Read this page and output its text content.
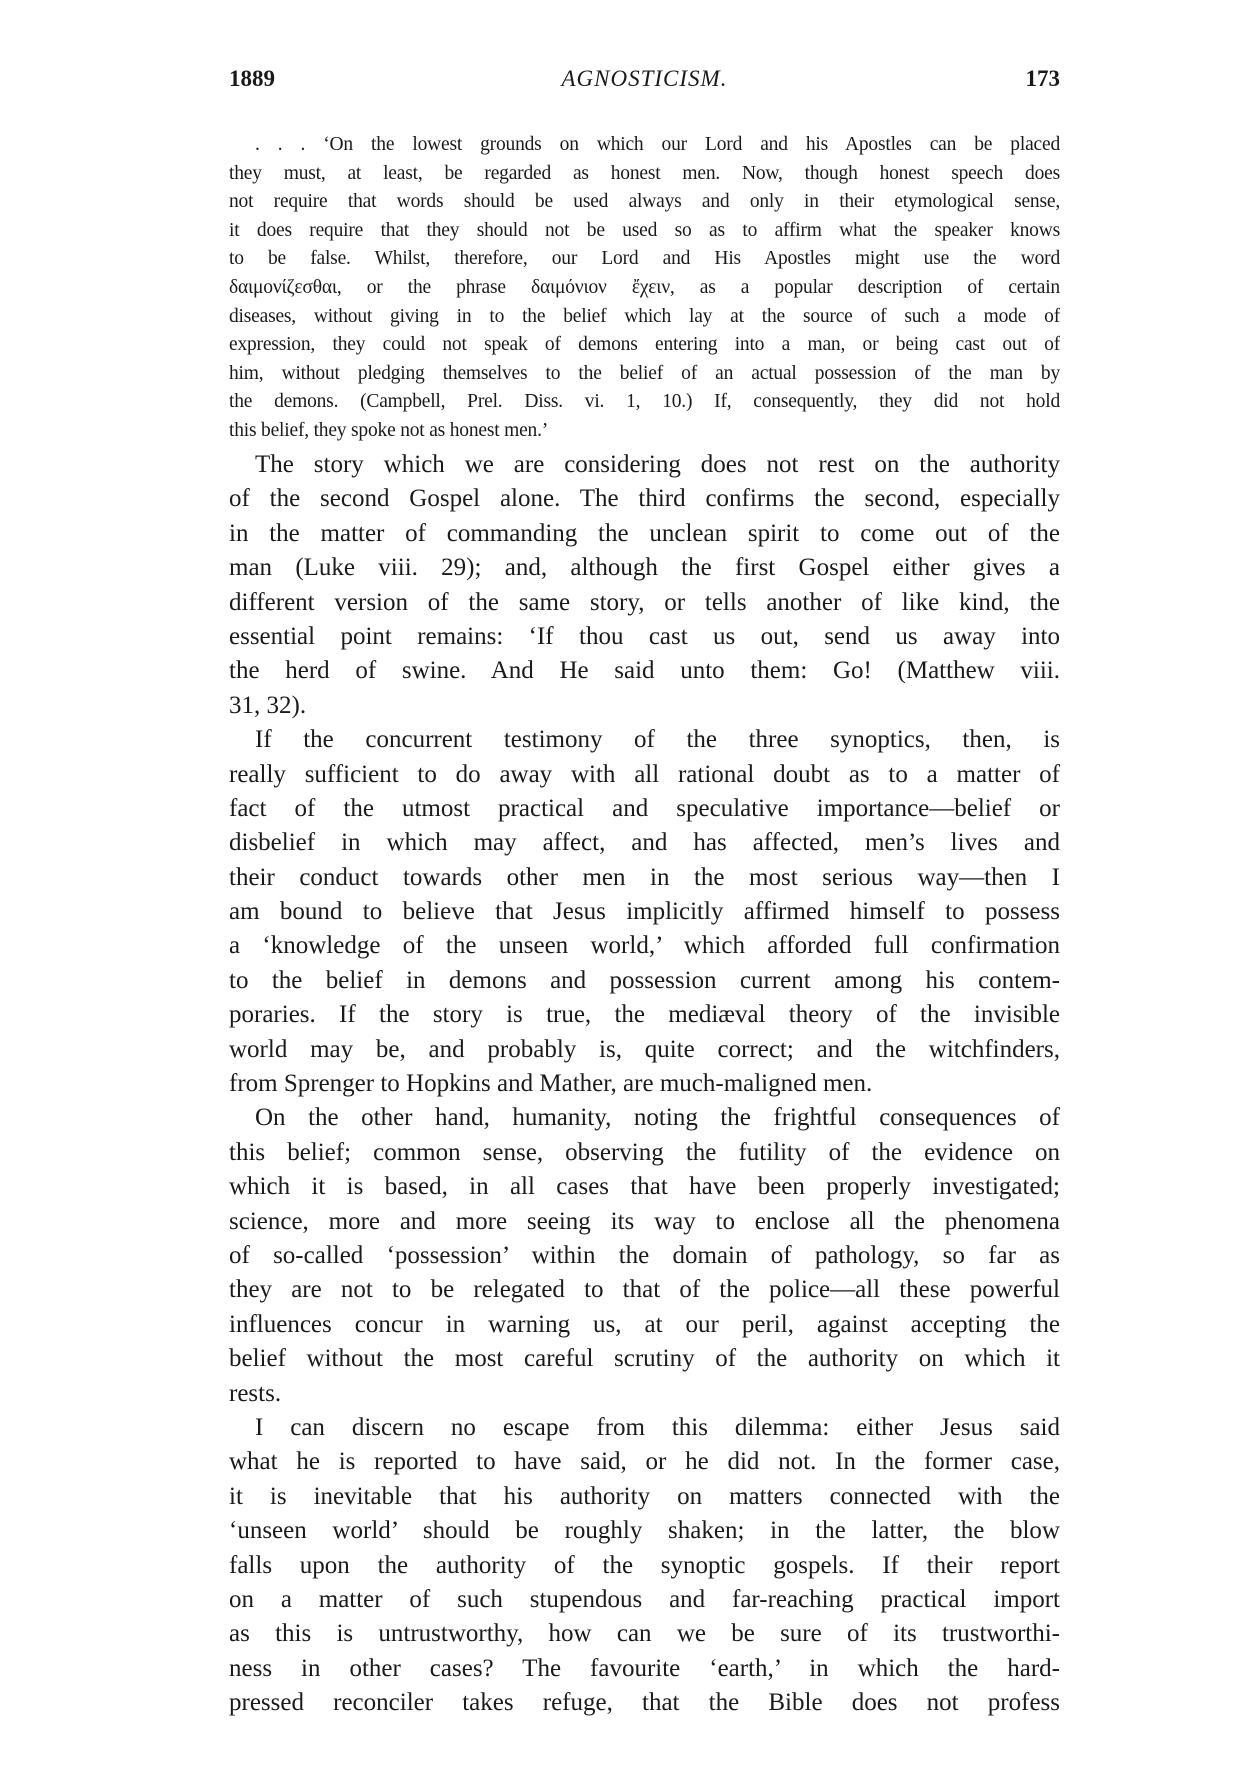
AGNOSTICISM.
1889	173
. . . ‘On the lowest grounds on which our Lord and his Apostles can be placed
they must, at least, be regarded as honest men. Now, though honest speech does
not require that words should be used always and only in their etymological sense,
it does require that they should not be used so as to affirm what the speaker knows
to be false. Whilst, therefore, our Lord and His Apostles might use the word
δαιμονίζεσθαι, or the phrase δαιμόνιον ἔχειν, as a popular description of certain
diseases, without giving in to the belief which lay at the source of such a mode of
expression, they could not speak of demons entering into a man, or being cast out of
him, without pledging themselves to the belief of an actual possession of the man by
the demons. (Campbell, Prel. Diss. vi. 1, 10.) If, consequently, they did not hold
this belief, they spoke not as honest men.’
The story which we are considering does not rest on the authority
of the second Gospel alone. The third confirms the second, especially
in the matter of commanding the unclean spirit to come out of the
man (Luke viii. 29); and, although the first Gospel either gives a
different version of the same story, or tells another of like kind, the
essential point remains: ‘If thou cast us out, send us away into
the herd of swine. And He said unto them: Go! (Matthew viii.
31, 32).
If the concurrent testimony of the three synoptics, then, is
really sufficient to do away with all rational doubt as to a matter of
fact of the utmost practical and speculative importance—belief or
disbelief in which may affect, and has affected, men’s lives and
their conduct towards other men in the most serious way—then I
am bound to believe that Jesus implicitly affirmed himself to possess
a ‘knowledge of the unseen world,’ which afforded full confirmation
to the belief in demons and possession current among his contem-
poraries. If the story is true, the mediæval theory of the invisible
world may be, and probably is, quite correct; and the witchfinders,
from Sprenger to Hopkins and Mather, are much-maligned men.
On the other hand, humanity, noting the frightful consequences of
this belief; common sense, observing the futility of the evidence on
which it is based, in all cases that have been properly investigated;
science, more and more seeing its way to enclose all the phenomena
of so-called ‘possession’ within the domain of pathology, so far as
they are not to be relegated to that of the police—all these powerful
influences concur in warning us, at our peril, against accepting the
belief without the most careful scrutiny of the authority on which it
rests.
I can discern no escape from this dilemma: either Jesus said
what he is reported to have said, or he did not. In the former case,
it is inevitable that his authority on matters connected with the
‘unseen world’ should be roughly shaken; in the latter, the blow
falls upon the authority of the synoptic gospels. If their report
on a matter of such stupendous and far-reaching practical import
as this is untrustworthy, how can we be sure of its trustworthi-
ness in other cases? The favourite ‘earth,’ in which the hard-
pressed reconciler takes refuge, that the Bible does not profess
